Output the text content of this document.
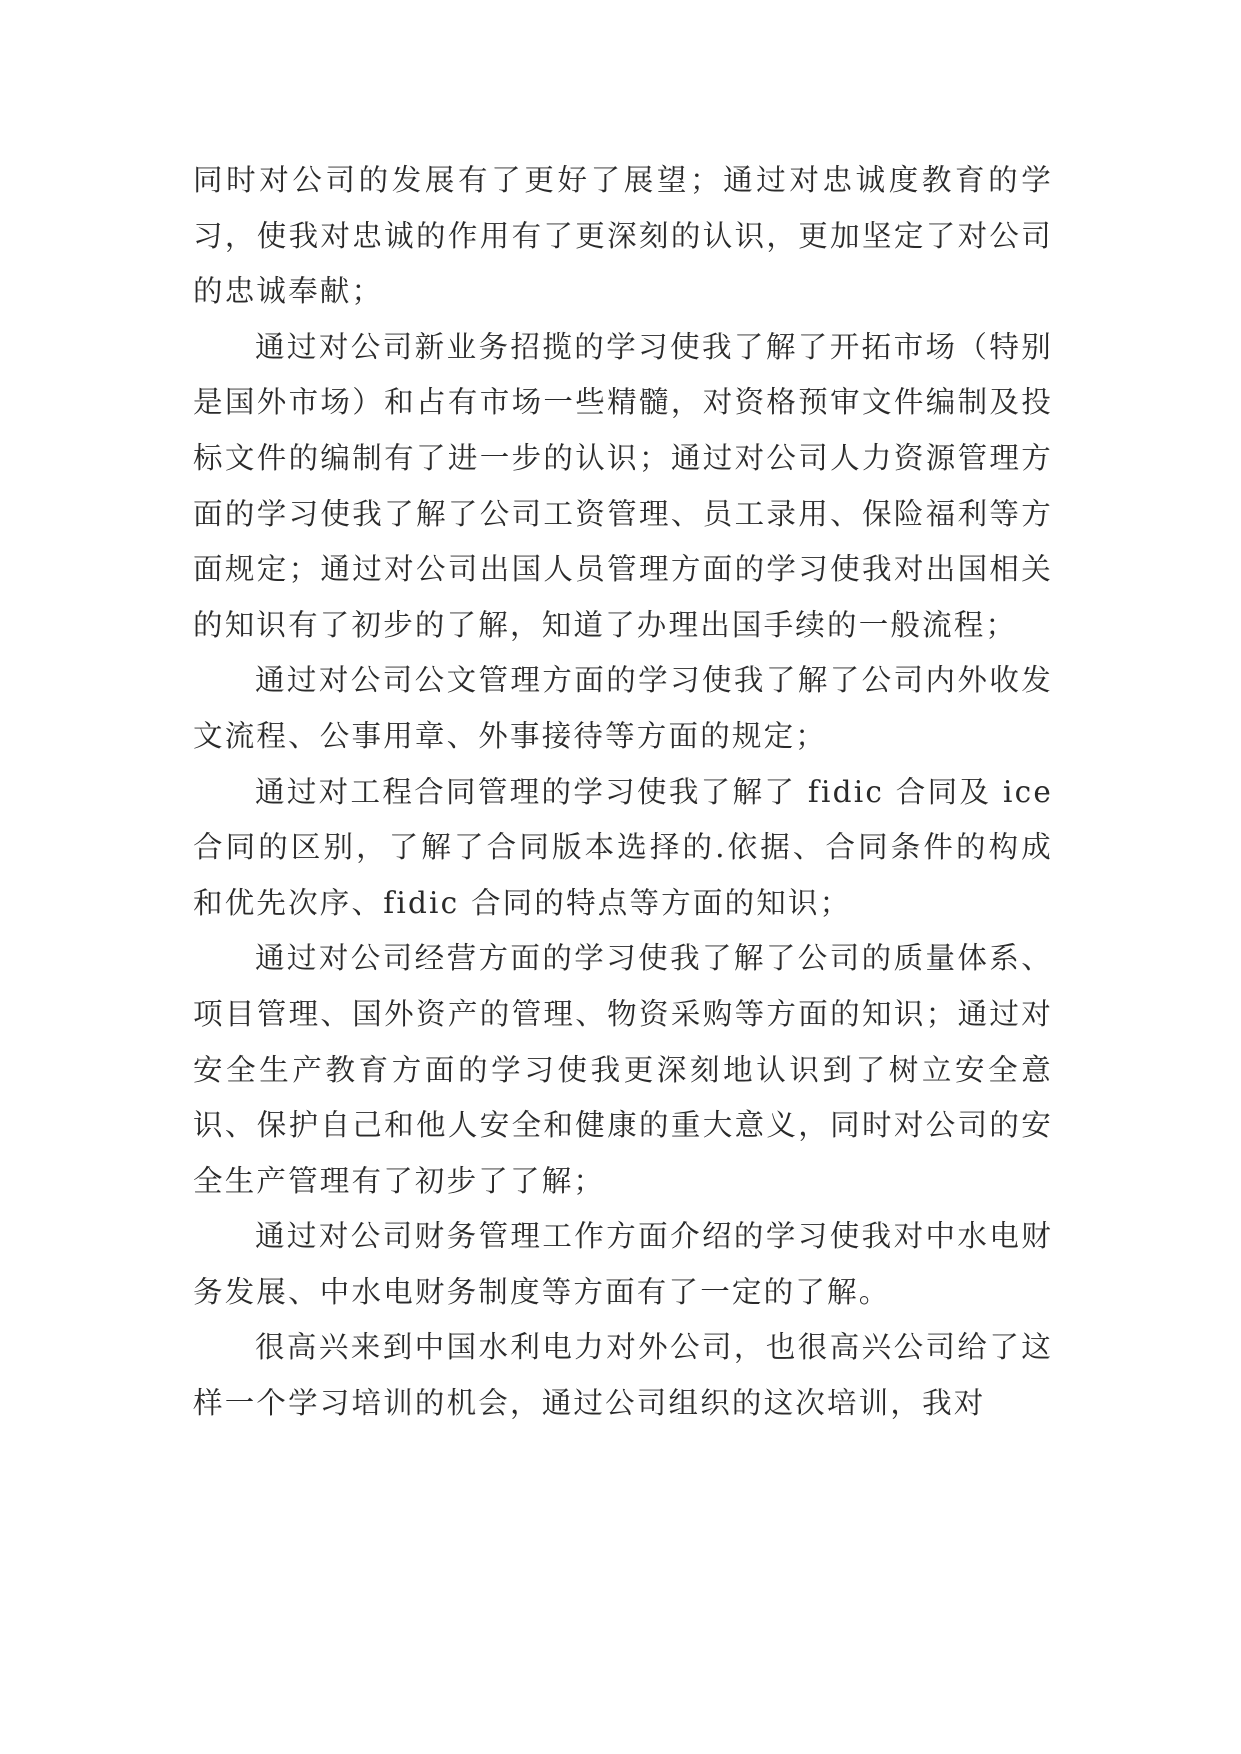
同时对公司的发展有了更好了展望；通过对忠诚度教育的学习，使我对忠诚的作用有了更深刻的认识，更加坚定了对公司的忠诚奉献；

通过对公司新业务招揽的学习使我了解了开拓市场（特别是国外市场）和占有市场一些精髓，对资格预审文件编制及投标文件的编制有了进一步的认识；通过对公司人力资源管理方面的学习使我了解了公司工资管理、员工录用、保险福利等方面规定；通过对公司出国人员管理方面的学习使我对出国相关的知识有了初步的了解，知道了办理出国手续的一般流程；

通过对公司公文管理方面的学习使我了解了公司内外收发文流程、公事用章、外事接待等方面的规定；

通过对工程合同管理的学习使我了解了 fidic 合同及 ice 合同的区别，了解了合同版本选择的.依据、合同条件的构成和优先次序、fidic 合同的特点等方面的知识；

通过对公司经营方面的学习使我了解了公司的质量体系、项目管理、国外资产的管理、物资采购等方面的知识；通过对安全生产教育方面的学习使我更深刻地认识到了树立安全意识、保护自己和他人安全和健康的重大意义，同时对公司的安全生产管理有了初步了了解；

通过对公司财务管理工作方面介绍的学习使我对中水电财务发展、中水电财务制度等方面有了一定的了解。

很高兴来到中国水利电力对外公司，也很高兴公司给了这样一个学习培训的机会，通过公司组织的这次培训，我对
